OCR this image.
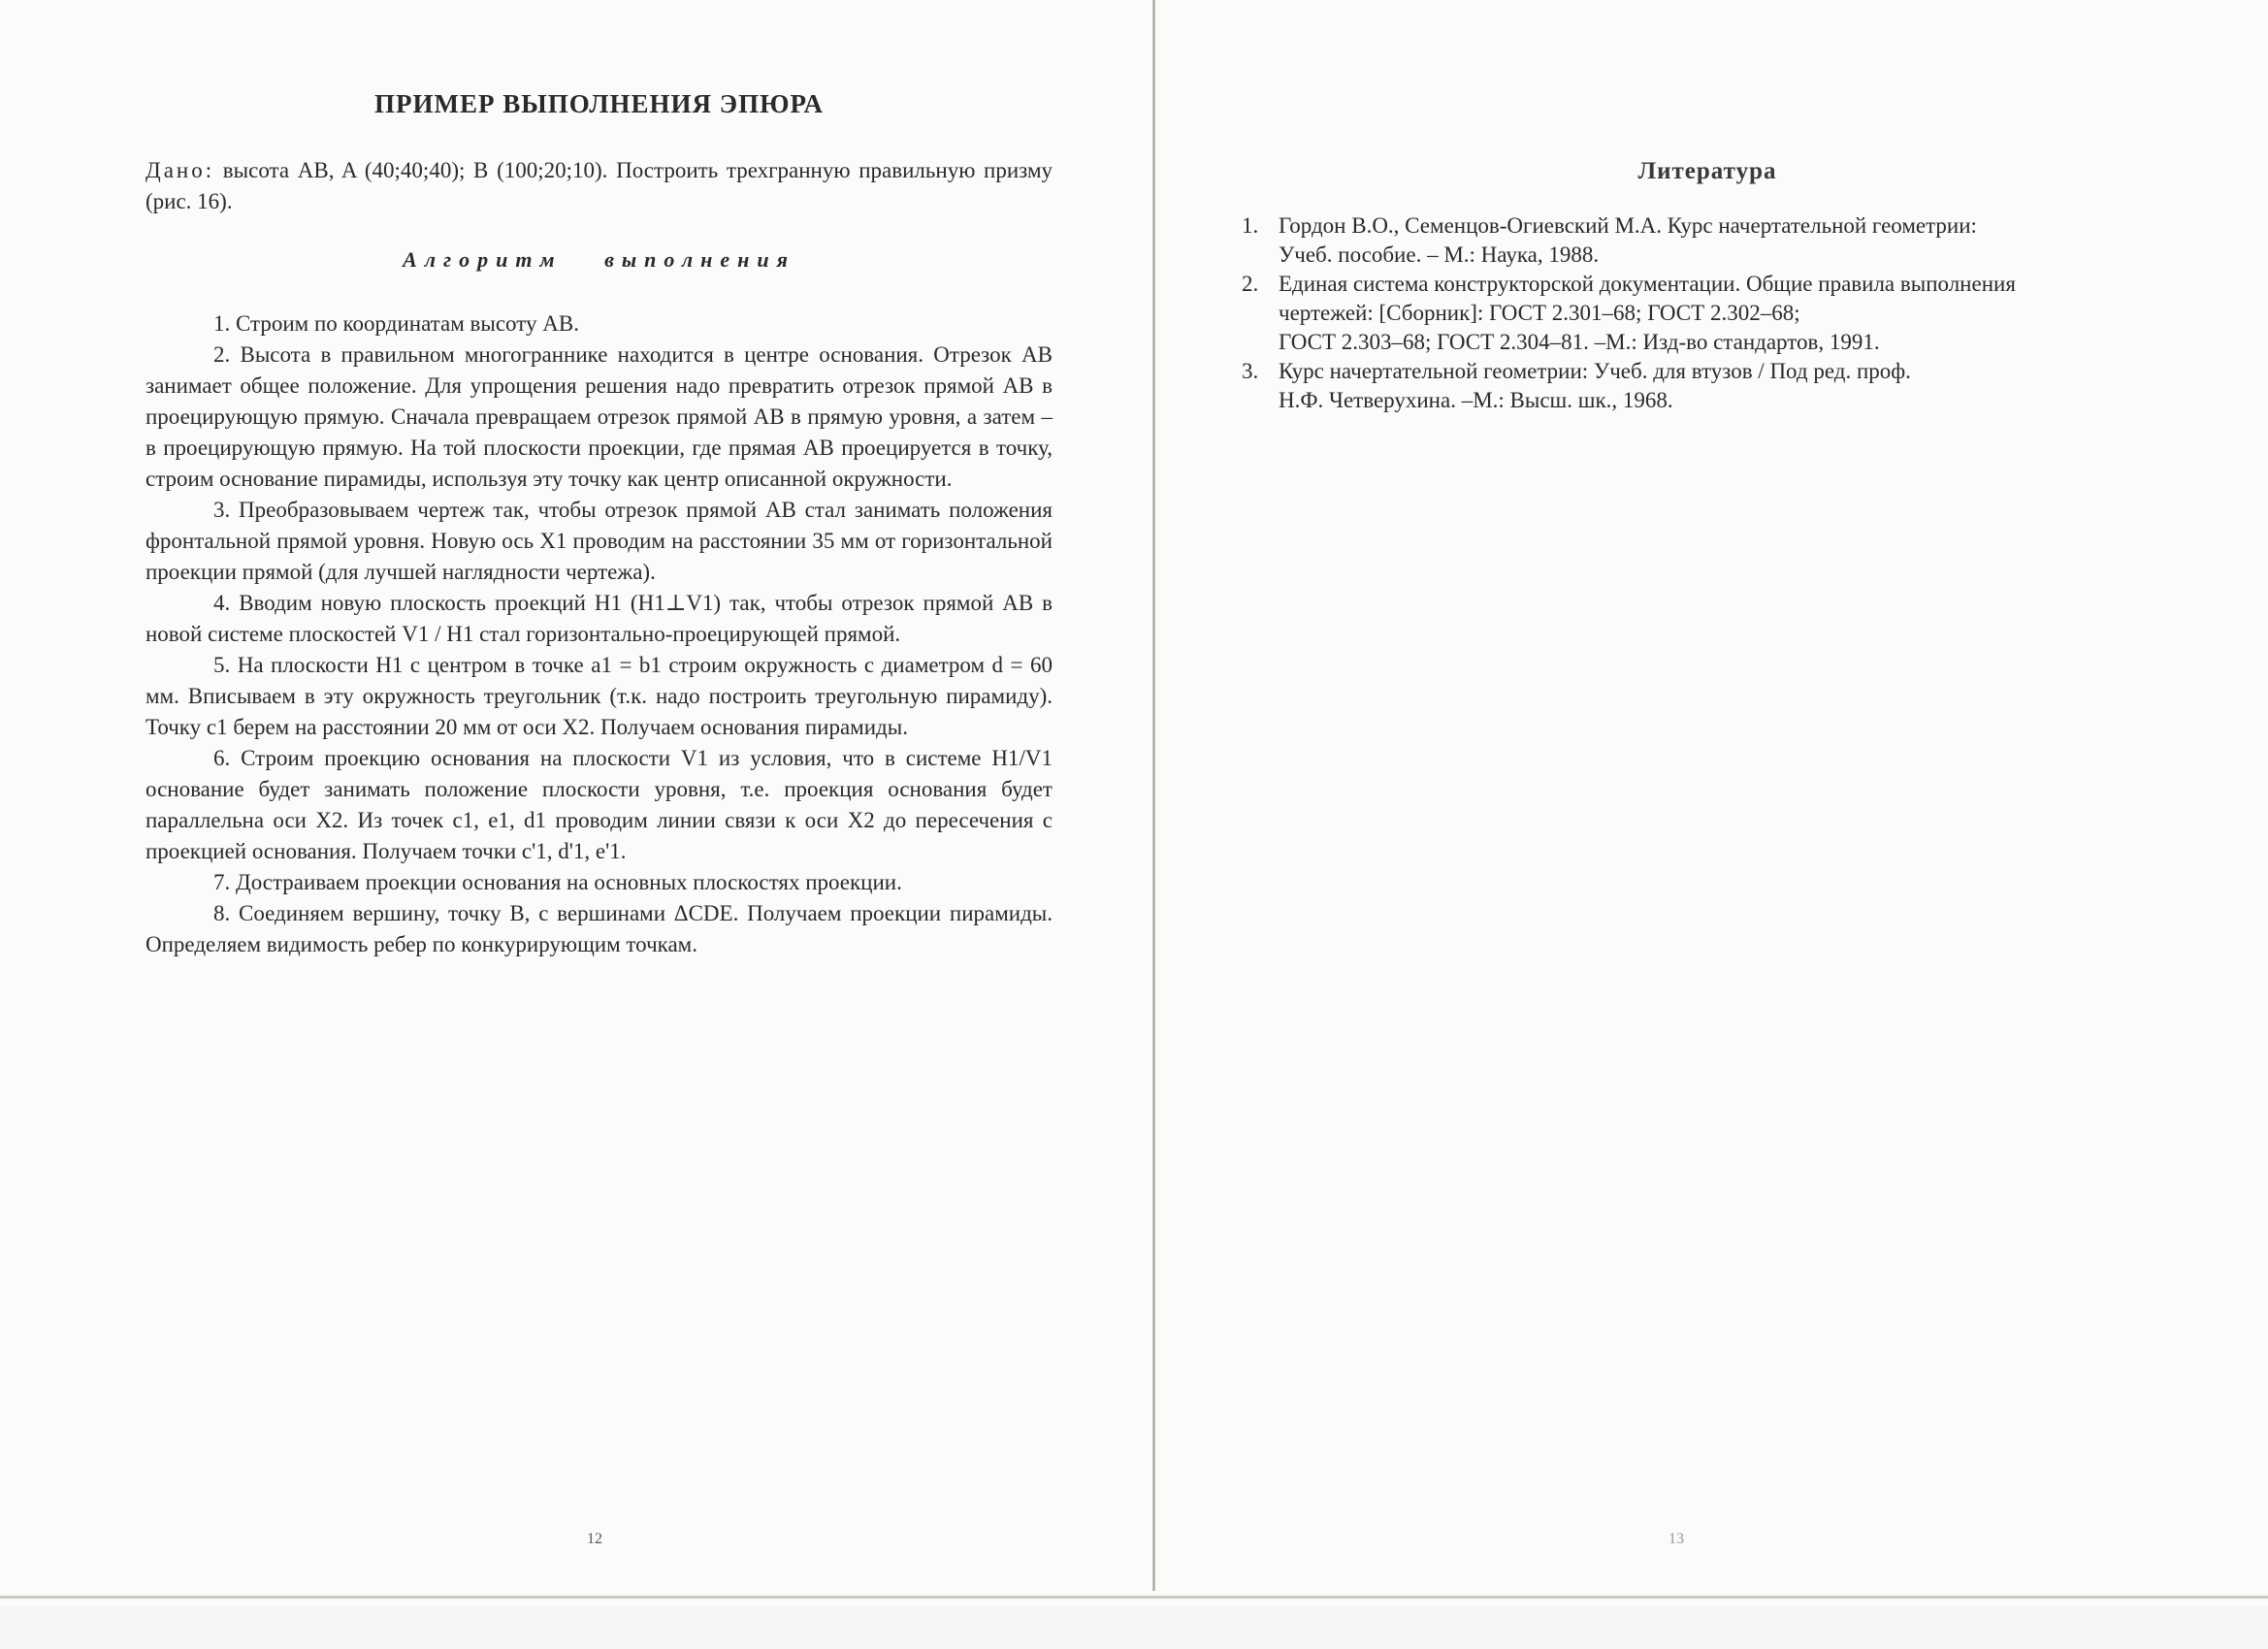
ПРИМЕР ВЫПОЛНЕНИЯ ЭПЮРА
Дано: высота AB, A (40;40;40); B (100;20;10). Построить трехгранную правильную призму (рис. 16).
Алгоритм выполнения

1. Строим по координатам высоту AB.

2. Высота в правильном многограннике находится в центре основания. Отрезок AB занимает общее положение. Для упрощения решения надо превратить отрезок прямой AB в проецирующую прямую. Сначала превращаем отрезок прямой AB в прямую уровня, а затем – в проецирующую прямую. На той плоскости проекции, где прямая AB проецируется в точку, строим основание пирамиды, используя эту точку как центр описанной окружности.

3. Преобразовываем чертеж так, чтобы отрезок прямой AB стал занимать положения фронтальной прямой уровня. Новую ось X1 проводим на расстоянии 35 мм от горизонтальной проекции прямой (для лучшей наглядности чертежа).

4. Вводим новую плоскость проекций H1 (H1⊥V1) так, чтобы отрезок прямой AB в новой системе плоскостей V1 / H1 стал горизонтально-проецирующей прямой.

5. На плоскости H1 с центром в точке a1 = b1 строим окружность с диаметром d = 60 мм. Вписываем в эту окружность треугольник (т.к. надо построить треугольную пирамиду). Точку c1 берем на расстоянии 20 мм от оси X2. Получаем основания пирамиды.

6. Строим проекцию основания на плоскости V1 из условия, что в системе H1/V1 основание будет занимать положение плоскости уровня, т.е. проекция основания будет параллельна оси X2. Из точек c1, e1, d1 проводим линии связи к оси X2 до пересечения с проекцией основания. Получаем точки c'1, d'1, e'1.

7. Достраиваем проекции основания на основных плоскостях проекции.

8. Соединяем вершину, точку B, с вершинами ΔCDE. Получаем проекции пирамиды. Определяем видимость ребер по конкурирующим точкам.

12
Литература
1. Гордон В.О., Семенцов-Огиевский М.А. Курс начертательной геометрии:
Учеб. пособие. – М.: Наука, 1988.
2. Единая система конструкторской документации. Общие правила выполнения
чертежей: [Сборник]: ГОСТ 2.301–68; ГОСТ 2.302–68;
ГОСТ 2.303–68; ГОСТ 2.304–81. –М.: Изд-во стандартов, 1991.
3. Курс начертательной геометрии: Учеб. для втузов / Под ред. проф.
Н.Ф. Четверухина. –М.: Высш. шк., 1968.
13
